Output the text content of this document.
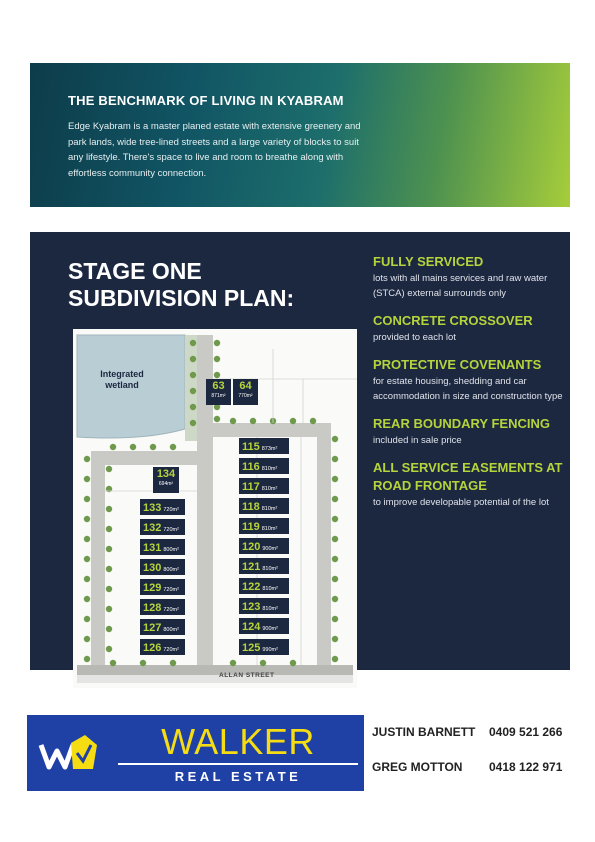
THE BENCHMARK OF LIVING IN KYABRAM

Edge Kyabram is a master planed estate with extensive greenery and park lands, wide tree-lined streets and a large variety of blocks to suit any lifestyle. There's space to live and room to breathe along with effortless community connection.

STAGE ONE
SUBDIVISION PLAN:
FULLY SERVICED
lots with all mains services and raw water (STCA) external surrounds only
CONCRETE CROSSOVER
provided to each lot
PROTECTIVE COVENANTS
for estate housing, shedding and car accommodation in size and construction type
REAR BOUNDARY FENCING
included in sale price
ALL SERVICE EASEMENTS AT ROAD FRONTAGE
to improve developable potential of the lot
Integrated wetland	63
871m²
64
770m²
134
694m²
133 720m²
132 720m²
131 800m²
130 800m²
129 720m²
128 720m²
127 800m²
126 720m²
115 873m²
116 810m²
117 810m²
118 810m²
119 810m²
120 900m²
121 810m²
122 810m²
123 810m²
124 900m²
125 990m²
ALLAN STREET
WALKER
REAL ESTATE
JUSTIN BARNETT 0409 521 266
GREG MOTTON 0418 122 971
